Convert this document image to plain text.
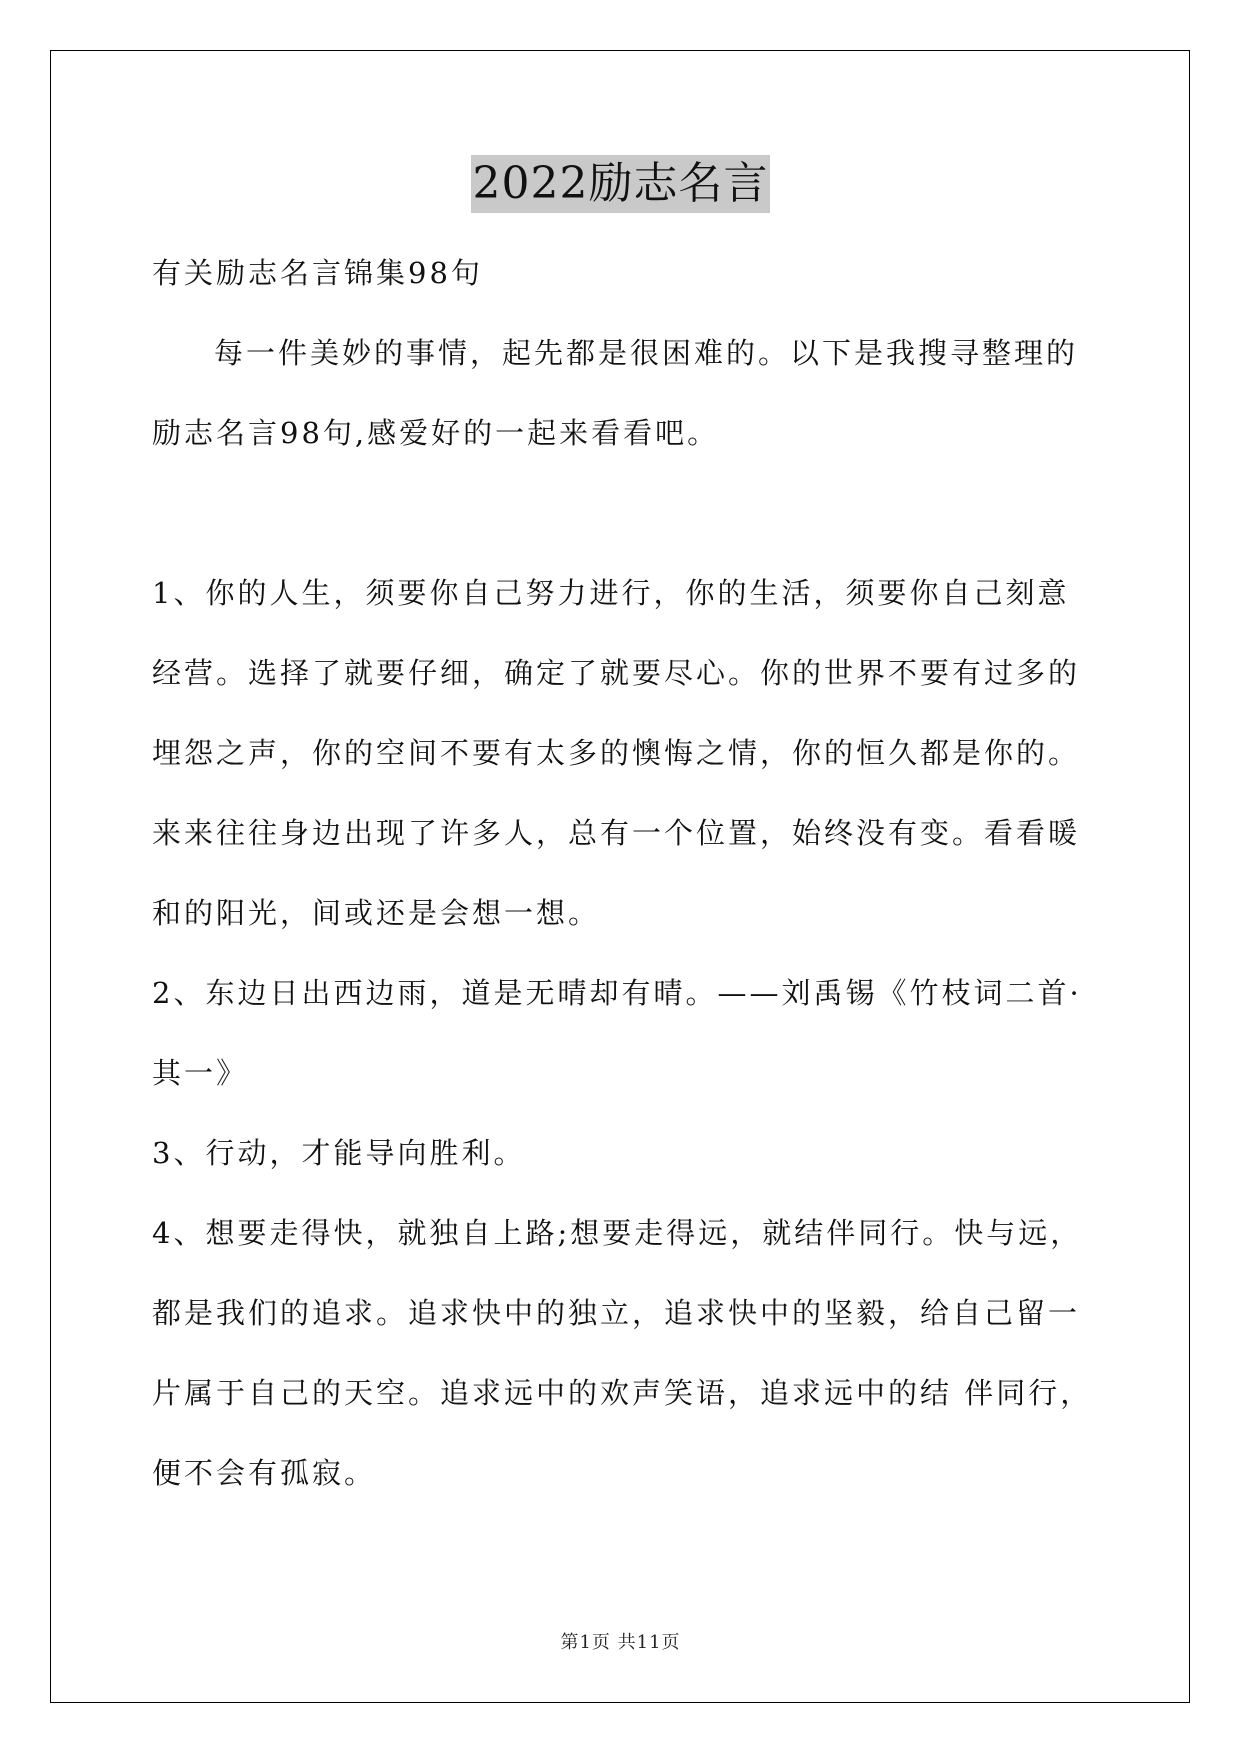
2022励志名言

有关励志名言锦集98句

每一件美妙的事情，起先都是很困难的。以下是我搜寻整理的励志名言98句,感爱好的一起来看看吧。

1、你的人生，须要你自己努力进行，你的生活，须要你自己刻意经营。选择了就要仔细，确定了就要尽心。你的世界不要有过多的埋怨之声，你的空间不要有太多的懊悔之情，你的恒久都是你的。来来往往身边出现了许多人，总有一个位置，始终没有变。看看暖和的阳光，间或还是会想一想。

2、东边日出西边雨，道是无晴却有晴。——刘禹锡《竹枝词二首·其一》

3、行动，才能导向胜利。

4、想要走得快，就独自上路;想要走得远，就结伴同行。快与远，都是我们的追求。追求快中的独立，追求快中的坚毅，给自己留一片属于自己的天空。追求远中的欢声笑语，追求远中的结 伴同行，便不会有孤寂。

第1页 共11页
